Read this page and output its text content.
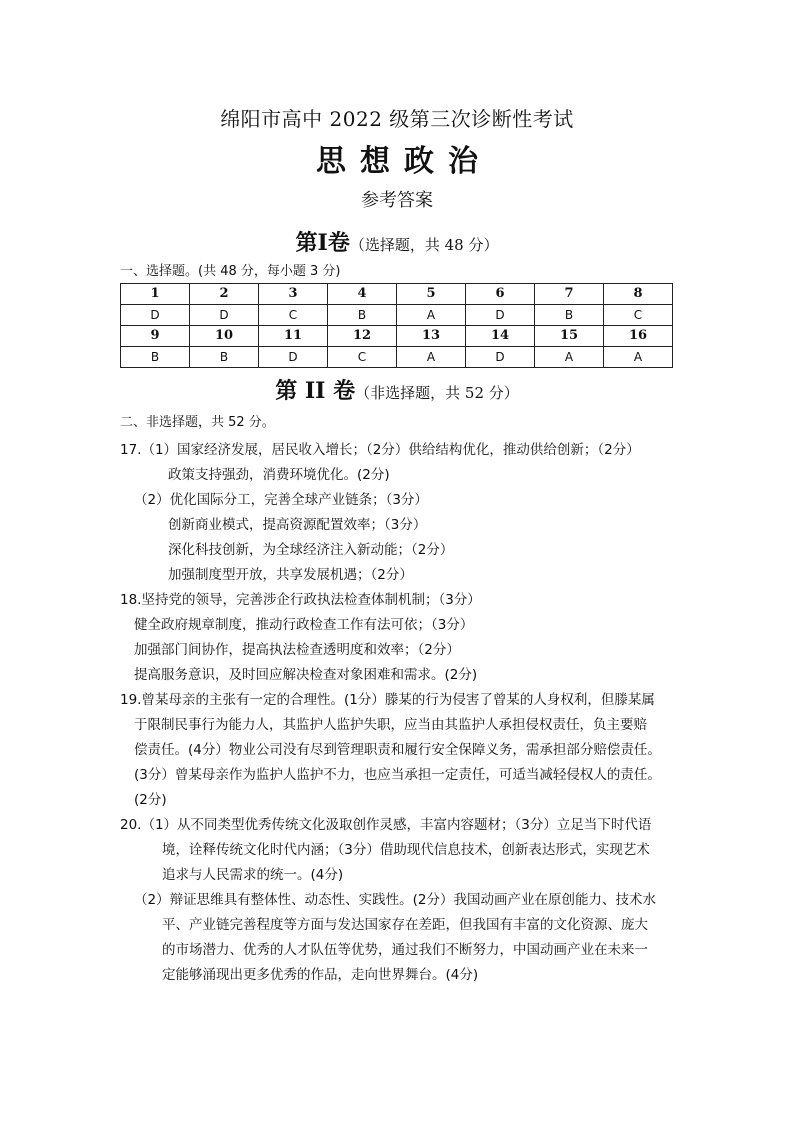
绵阳市高中 2022 级第三次诊断性考试
思想政治
参考答案
第Ⅰ卷（选择题，共 48 分）
一、选择题。(共 48 分，每小题 3 分)
1	2	3	4	5	6	7	8
D	D	C	B	A	D	B	C
9	10	11	12	13	14	15	16
B	B	D	C	A	D	A	A
第 II 卷（非选择题，共 52 分）
二、非选择题，共 52 分。
17.（1）国家经济发展，居民收入增长；（2分）供给结构优化，推动供给创新；（2分）
政策支持强劲，消费环境优化。(2分)
（2）优化国际分工，完善全球产业链条；（3分）
创新商业模式，提高资源配置效率；（3分）
深化科技创新，为全球经济注入新动能；（2分）
加强制度型开放，共享发展机遇；（2分）
18.坚持党的领导，完善涉企行政执法检查体制机制；（3分）
健全政府规章制度，推动行政检查工作有法可依；（3分）
加强部门间协作，提高执法检查透明度和效率；（2分）
提高服务意识，及时回应解决检查对象困难和需求。(2分)
19.曾某母亲的主张有一定的合理性。(1分）滕某的行为侵害了曾某的人身权利，但滕某属
于限制民事行为能力人，其监护人监护失职，应当由其监护人承担侵权责任，负主要赔
偿责任。(4分）物业公司没有尽到管理职责和履行安全保障义务，需承担部分赔偿责任。
(3分）曾某母亲作为监护人监护不力，也应当承担一定责任，可适当减轻侵权人的责任。
(2分)
20.（1）从不同类型优秀传统文化汲取创作灵感，丰富内容题材；（3分）立足当下时代语
境，诠释传统文化时代内涵；（3分）借助现代信息技术，创新表达形式，实现艺术
追求与人民需求的统一。(4分)
（2）辩证思维具有整体性、动态性、实践性。(2分）我国动画产业在原创能力、技术水
平、产业链完善程度等方面与发达国家存在差距，但我国有丰富的文化资源、庞大
的市场潜力、优秀的人才队伍等优势，通过我们不断努力，中国动画产业在未来一
定能够涌现出更多优秀的作品，走向世界舞台。(4分)
